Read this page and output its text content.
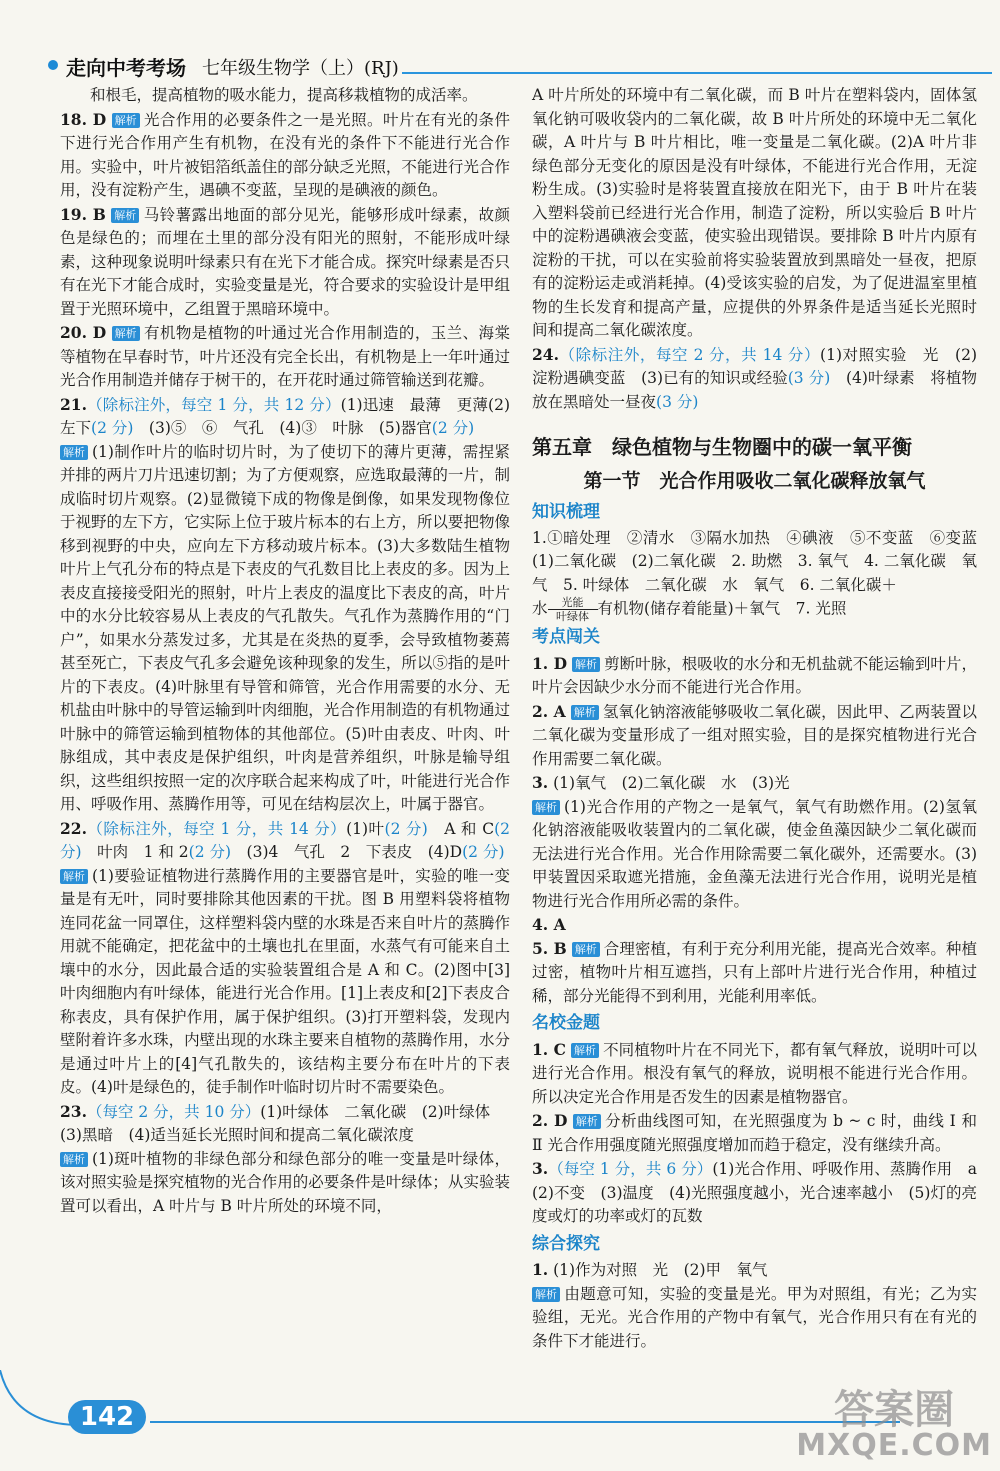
走向中考考场 七年级生物学（上）(RJ)

和根毛，提高植物的吸水能力，提高移栽植物的成活率。

18. D 解析 光合作用的必要条件之一是光照。叶片在有光的条件下进行光合作用产生有机物，在没有光的条件下不能进行光合作用。实验中，叶片被铝箔纸盖住的部分缺乏光照，不能进行光合作用，没有淀粉产生，遇碘不变蓝，呈现的是碘液的颜色。

19. B 解析 马铃薯露出地面的部分见光，能够形成叶绿素，故颜色是绿色的；而埋在土里的部分没有阳光的照射，不能形成叶绿素，这种现象说明叶绿素只有在光下才能合成。探究叶绿素是否只有在光下才能合成时，实验变量是光，符合要求的实验设计是甲组置于光照环境中，乙组置于黑暗环境中。

20. D 解析 有机物是植物的叶通过光合作用制造的，玉兰、海棠等植物在早春时节，叶片还没有完全长出，有机物是上一年叶通过光合作用制造并储存于树干的，在开花时通过筛管输送到花瓣。

21.（除标注外，每空 1 分，共 12 分）(1)迅速　最薄　更薄(2)左下(2 分)　(3)⑤　⑥　气孔　(4)③　叶脉　(5)器官(2 分)

解析 (1)制作叶片的临时切片时，为了使切下的薄片更薄，需捏紧并排的两片刀片迅速切割；为了方便观察，应选取最薄的一片，制成临时切片观察。(2)显微镜下成的物像是倒像，如果发现物像位于视野的左下方，它实际上位于玻片标本的右上方，所以要把物像移到视野的中央，应向左下方移动玻片标本。(3)大多数陆生植物叶片上气孔分布的特点是下表皮的气孔数目比上表皮的多。因为上表皮直接接受阳光的照射，叶片上表皮的温度比下表皮的高，叶片中的水分比较容易从上表皮的气孔散失。气孔作为蒸腾作用的“门户”，如果水分蒸发过多，尤其是在炎热的夏季，会导致植物萎蔫甚至死亡，下表皮气孔多会避免该种现象的发生，所以⑤指的是叶片的下表皮。(4)叶脉里有导管和筛管，光合作用需要的水分、无机盐由叶脉中的导管运输到叶肉细胞，光合作用制造的有机物通过叶脉中的筛管运输到植物体的其他部位。(5)叶由表皮、叶肉、叶脉组成，其中表皮是保护组织，叶肉是营养组织，叶脉是输导组织，这些组织按照一定的次序联合起来构成了叶，叶能进行光合作用、呼吸作用、蒸腾作用等，可见在结构层次上，叶属于器官。

22.（除标注外，每空 1 分，共 14 分）(1)叶(2 分)　A 和 C(2 分)　叶肉　1 和 2(2 分)　(3)4　气孔　2　下表皮　(4)D(2 分)

解析 (1)要验证植物进行蒸腾作用的主要器官是叶，实验的唯一变量是有无叶，同时要排除其他因素的干扰。图 B 用塑料袋将植物连同花盆一同罩住，这样塑料袋内壁的水珠是否来自叶片的蒸腾作用就不能确定，把花盆中的土壤也扎在里面，水蒸气有可能来自土壤中的水分，因此最合适的实验装置组合是 A 和 C。(2)图中[3]叶肉细胞内有叶绿体，能进行光合作用。[1]上表皮和[2]下表皮合称表皮，具有保护作用，属于保护组织。(3)打开塑料袋，发现内壁附着许多水珠，内壁出现的水珠主要来自植物的蒸腾作用，水分是通过叶片上的[4]气孔散失的，该结构主要分布在叶片的下表皮。(4)叶是绿色的，徒手制作叶临时切片时不需要染色。

23.（每空 2 分，共 10 分）(1)叶绿体　二氧化碳　(2)叶绿体

(3)黑暗　(4)适当延长光照时间和提高二氧化碳浓度

解析 (1)斑叶植物的非绿色部分和绿色部分的唯一变量是叶绿体，该对照实验是探究植物的光合作用的必要条件是叶绿体；从实验装置可以看出，A 叶片与 B 叶片所处的环境不同，

A 叶片所处的环境中有二氧化碳，而 B 叶片在塑料袋内，固体氢氧化钠可吸收袋内的二氧化碳，故 B 叶片所处的环境中无二氧化碳，A 叶片与 B 叶片相比，唯一变量是二氧化碳。(2)A 叶片非绿色部分无变化的原因是没有叶绿体，不能进行光合作用，无淀粉生成。(3)实验时是将装置直接放在阳光下，由于 B 叶片在装入塑料袋前已经进行光合作用，制造了淀粉，所以实验后 B 叶片中的淀粉遇碘液会变蓝，使实验出现错误。要排除 B 叶片内原有淀粉的干扰，可以在实验前将实验装置放到黑暗处一昼夜，把原有的淀粉运走或消耗掉。(4)受该实验的启发，为了促进温室里植物的生长发育和提高产量，应提供的外界条件是适当延长光照时间和提高二氧化碳浓度。

24.（除标注外，每空 2 分，共 14 分）(1)对照实验　光　(2)淀粉遇碘变蓝　(3)已有的知识或经验(3 分)　(4)叶绿素　将植物放在黑暗处一昼夜(3 分)

第五章　绿色植物与生物圈中的碳一氧平衡
第一节　光合作用吸收二氧化碳释放氧气
知识梳理

1.①暗处理　②清水　③隔水加热　④碘液　⑤不变蓝　⑥变蓝　(1)二氧化碳　(2)二氧化碳　2. 助燃　3. 氧气　4. 二氧化碳　氧气　5. 叶绿体　二氧化碳　水　氧气　6. 二氧化碳＋
水 光能
叶绿体 有机物(储存着能量)＋氧气　7. 光照

考点闯关

1. D 解析 剪断叶脉，根吸收的水分和无机盐就不能运输到叶片，叶片会因缺少水分而不能进行光合作用。

2. A 解析 氢氧化钠溶液能够吸收二氧化碳，因此甲、乙两装置以二氧化碳为变量形成了一组对照实验，目的是探究植物进行光合作用需要二氧化碳。

3. (1)氧气　(2)二氧化碳　水　(3)光

解析 (1)光合作用的产物之一是氧气，氧气有助燃作用。(2)氢氧化钠溶液能吸收装置内的二氧化碳，使金鱼藻因缺少二氧化碳而无法进行光合作用。光合作用除需要二氧化碳外，还需要水。(3)甲装置因采取遮光措施，金鱼藻无法进行光合作用，说明光是植物进行光合作用所必需的条件。

4. A

5. B 解析 合理密植，有利于充分利用光能，提高光合效率。种植过密，植物叶片相互遮挡，只有上部叶片进行光合作用，种植过稀，部分光能得不到利用，光能利用率低。

名校金题

1. C 解析 不同植物叶片在不同光下，都有氧气释放，说明叶可以进行光合作用。根没有氧气的释放，说明根不能进行光合作用。所以决定光合作用是否发生的因素是植物器官。

2. D 解析 分析曲线图可知，在光照强度为 b ~ c 时，曲线 Ⅰ 和 Ⅱ 光合作用强度随光照强度增加而趋于稳定，没有继续升高。

3.（每空 1 分，共 6 分）(1)光合作用、呼吸作用、蒸腾作用　a　(2)不变　(3)温度　(4)光照强度越小，光合速率越小　(5)灯的亮度或灯的功率或灯的瓦数

综合探究

1. (1)作为对照　光　(2)甲　氧气

解析 由题意可知，实验的变量是光。甲为对照组，有光；乙为实验组，无光。光合作用的产物中有氧气，光合作用只有在有光的条件下才能进行。

142	答案圈
MXQE.COM
